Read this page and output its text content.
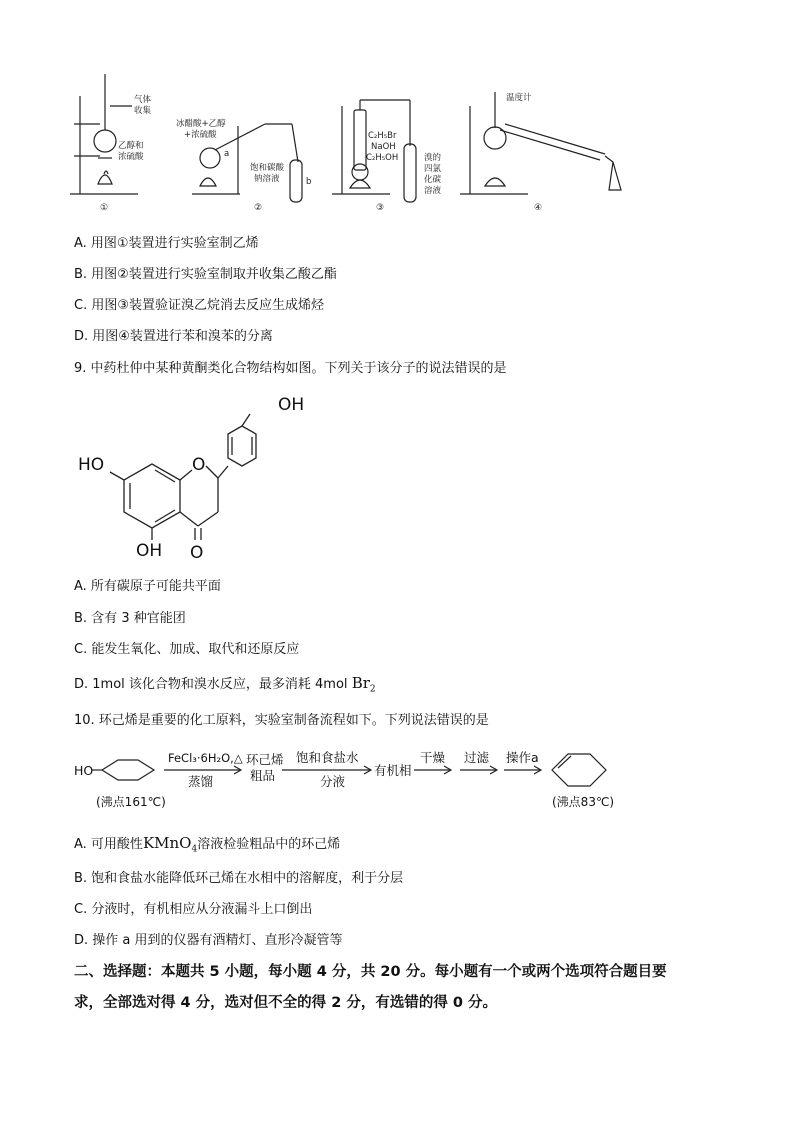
气体
收集
乙醇和
浓硫酸
①
冰醋酸+乙醇
+浓硫酸
a
饱和碳酸
钠溶液	b
②
C₂H₅Br
NaOH
C₂H₅OH	溴的
四氯
化碳
溶液
③
温度计
④
A. 用图①装置进行实验室制乙烯
B. 用图②装置进行实验室制取并收集乙酸乙酯
C. 用图③装置验证溴乙烷消去反应生成烯烃
D. 用图④装置进行苯和溴苯的分离
9. 中药杜仲中某种黄酮类化合物结构如图。下列关于该分子的说法错误的是
OH
HO
OH
O
O
A. 所有碳原子可能共平面
B. 含有 3 种官能团
C. 能发生氧化、加成、取代和还原反应
D. 1mol 该化合物和溴水反应，最多消耗 4mol $Br_2$
10. 环己烯是重要的化工原料，实验室制备流程如下。下列说法错误的是
HO
(沸点161℃)
FeCl₃·6H₂O,△
蒸馏
环己烯
粗品
饱和食盐水
分液
有机相
干燥 过滤 操作a
(沸点83℃)
A. 可用酸性KMnO$_4$溶液检验粗品中的环己烯
B. 饱和食盐水能降低环己烯在水相中的溶解度，利于分层
C. 分液时，有机相应从分液漏斗上口倒出
D. 操作 a 用到的仪器有酒精灯、直形冷凝管等
二、选择题：本题共 5 小题，每小题 4 分，共 20 分。每小题有一个或两个选项符合题目要
求，全部选对得 4 分，选对但不全的得 2 分，有选错的得 0 分。
